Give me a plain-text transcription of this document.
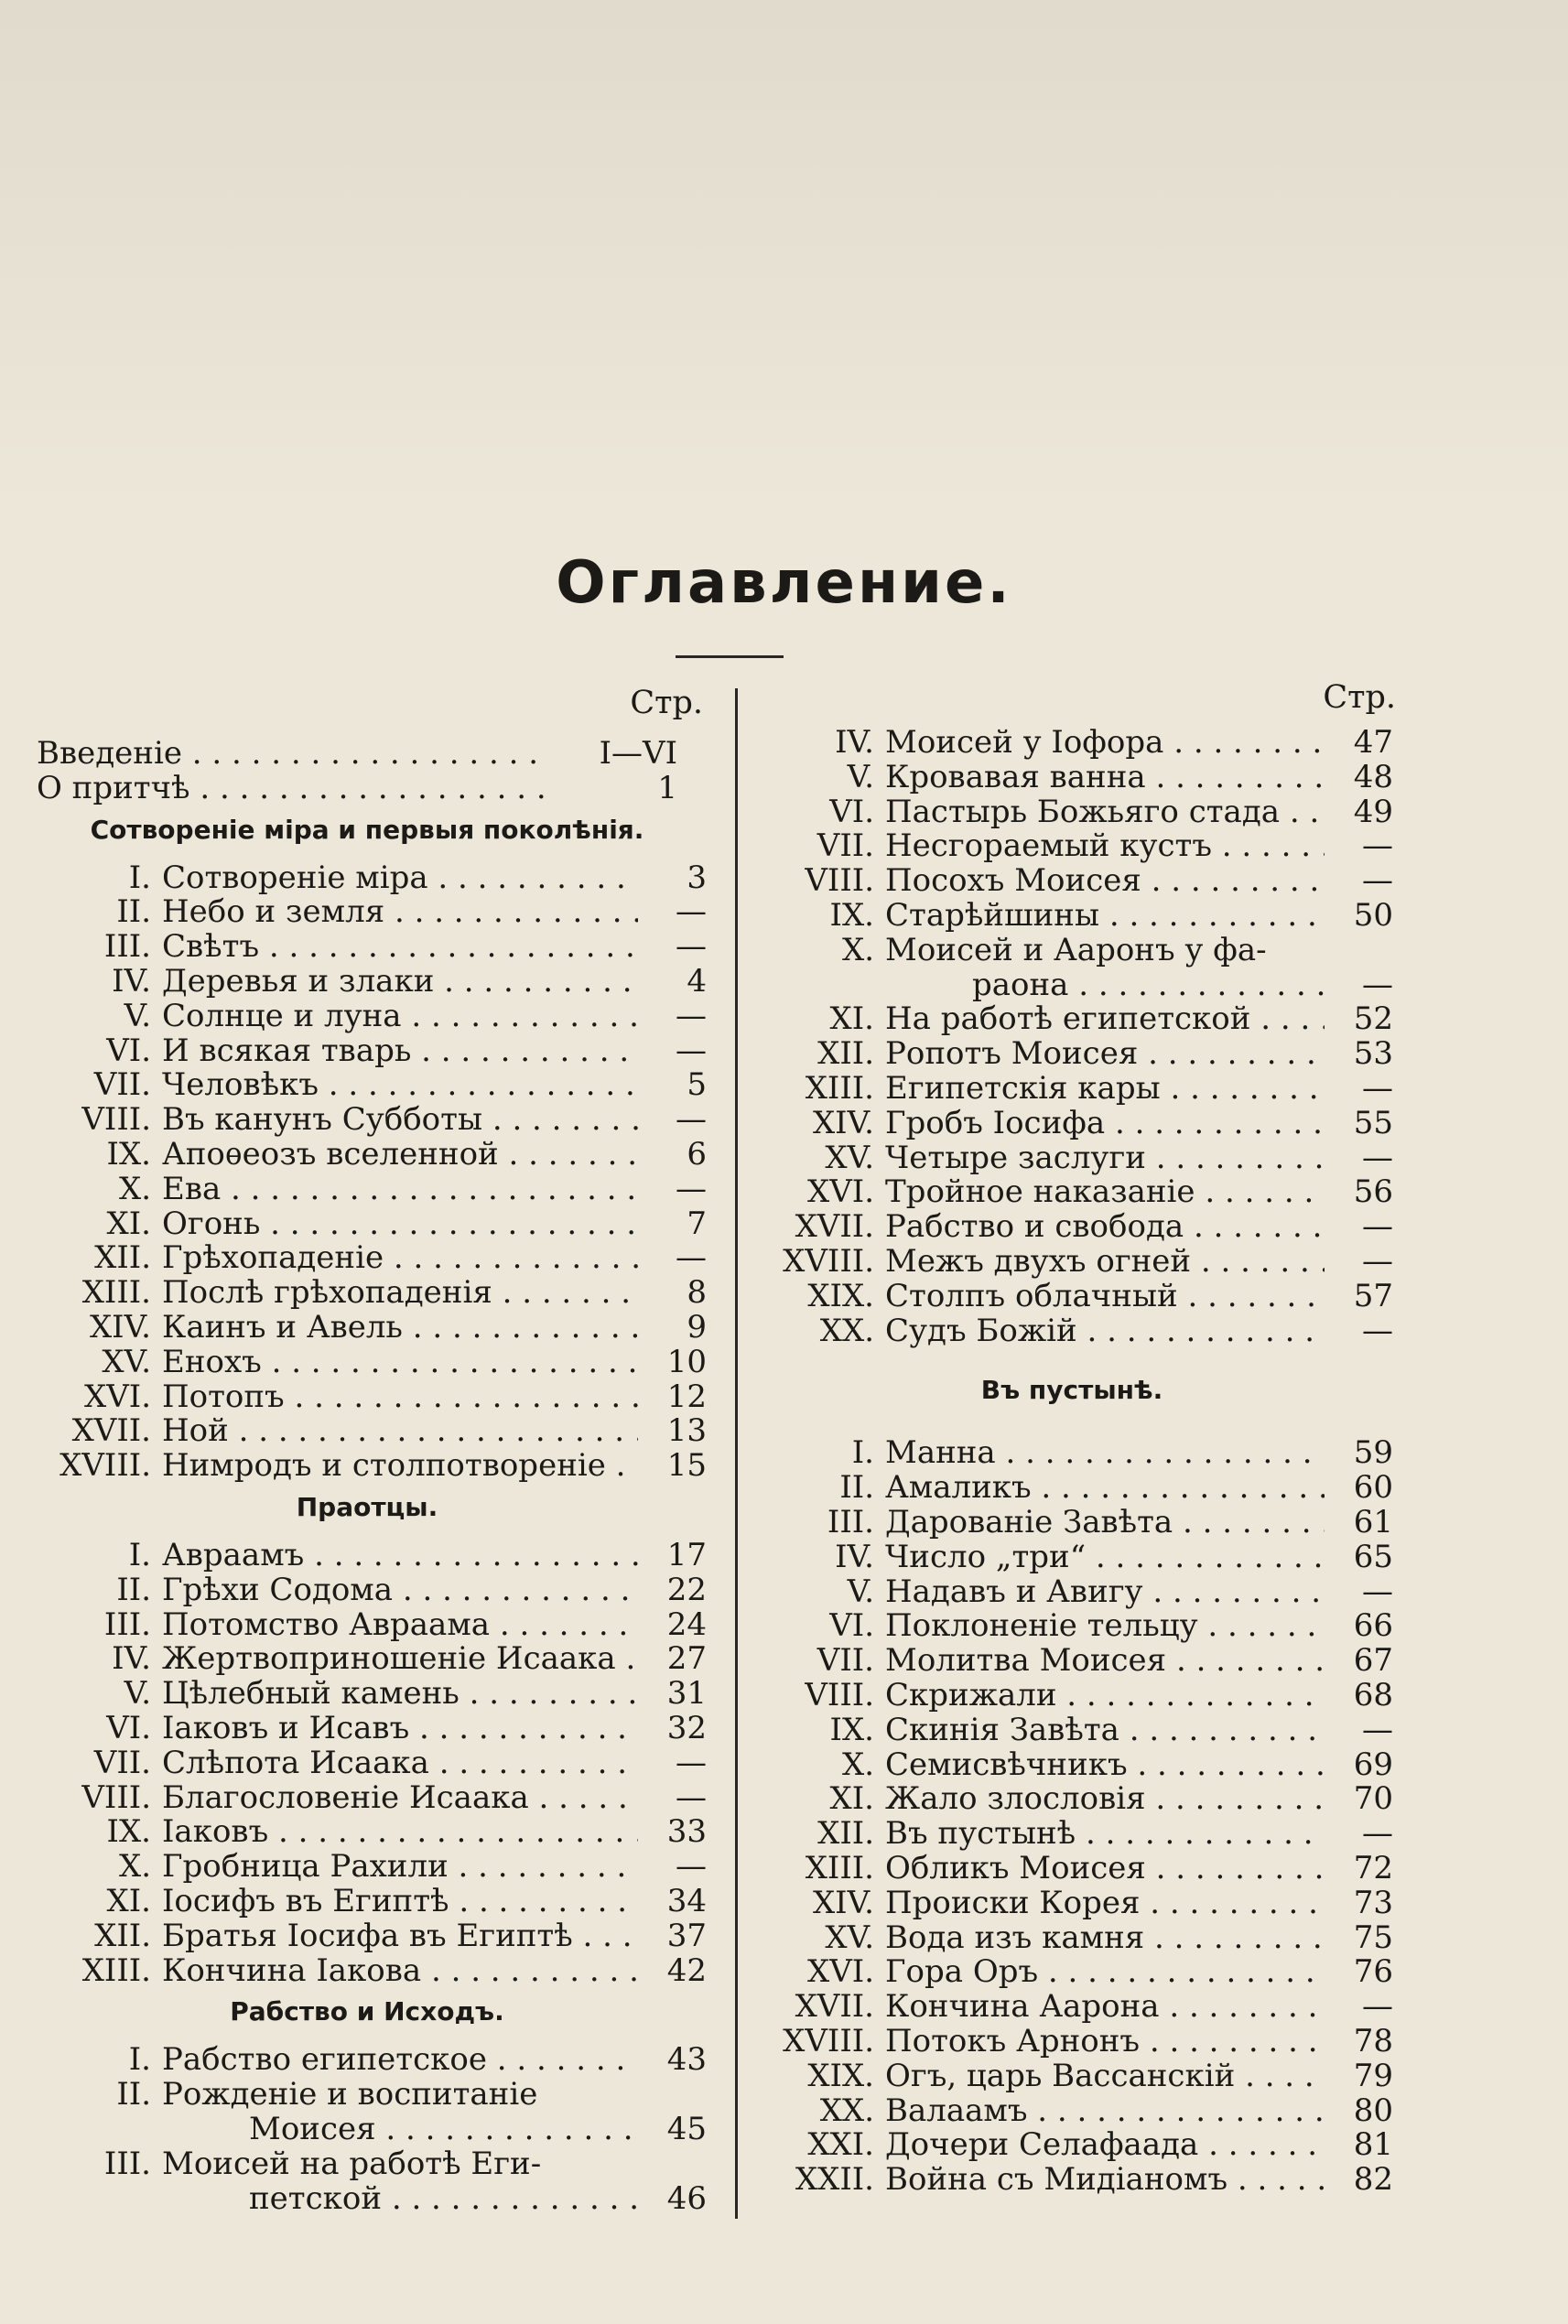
Оглавлениe.
Стр.	Стр.
Введеніе . . .	I—VI
О притчѣ . . .	1
Сотвореніе міра и первыя поколѣнія.
I. Сотвореніе міра . . .	3
II. Небо и земля . . .	—
III. Свѣтъ . . .	—
IV. Деревья и злаки . . .	4
V. Солнце и луна . . .	—
VI. И всякая тварь . . .	—
VII. Человѣкъ . . .	5
VIII. Въ канунъ Субботы . . .	—
IX. Апоѳеозъ вселенной . . .	6
X. Ева . . .	—
XI. Огонь . . .	7
XII. Грѣхопаденіе . . .	—
XIII. Послѣ грѣхопаденія . . .	8
XIV. Каинъ и Авель . . .	9
XV. Енохъ . . .	10
XVI. Потопъ . . .	12
XVII. Ной . . .	13
XVIII. Нимродъ и столпотвореніе . . .	15
Праотцы.
I. Авраамъ . . .	17
II. Грѣхи Содома . . .	22
III. Потомство Авраама . . .	24
IV. Жертвоприношеніе Исаака . . .	27
V. Цѣлебный камень . . .	31
VI. Іаковъ и Исавъ . . .	32
VII. Слѣпота Исаака . . .	—
VIII. Благословеніе Исаака . . .	—
IX. Іаковъ . . .	33
X. Гробница Рахили . . .	—
XI. Іосифъ въ Египтѣ . . .	34
XII. Братья Іосифа въ Египтѣ . . .	37
XIII. Кончина Іакова . . .	42
Рабство и Исходъ.
I. Рабство египетское . . .	43
II. Рожденіе и воспитаніе
Моисея . . .	45
III. Моисей на работѣ Еги-
петской . . .	46
IV. Моисей у Іофора . . .	47
V. Кровавая ванна . . .	48
VI. Пастырь Божьяго стада . . .	49
VII. Несгораемый кустъ . . .	—
VIII. Посохъ Моисея . . .	—
IX. Старѣйшины . . .	50
X. Моисей и Ааронъ у фа-
раона . . .	—
XI. На работѣ египетской . . .	52
XII. Ропотъ Моисея . . .	53
XIII. Египетскія кары . . .	—
XIV. Гробъ Іосифа . . .	55
XV. Четыре заслуги . . .	—
XVI. Тройное наказаніе . . .	56
XVII. Рабство и свобода . . .	—
XVIII. Межъ двухъ огней . . .	—
XIX. Столпъ облачный . . .	57
XX. Судъ Божій . . .	—
Въ пустынѣ.
I. Манна . . .	59
II. Амаликъ . . .	60
III. Дарованіе Завѣта . . .	61
IV. Число „три“ . . .	65
V. Надавъ и Авигу . . .	—
VI. Поклоненіе тельцу . . .	66
VII. Молитва Моисея . . .	67
VIII. Скрижали . . .	68
IX. Скинія Завѣта . . .	—
X. Семисвѣчникъ . . .	69
XI. Жало злословія . . .	70
XII. Въ пустынѣ . . .	—
XIII. Обликъ Моисея . . .	72
XIV. Происки Корея . . .	73
XV. Вода изъ камня . . .	75
XVI. Гора Оръ . . .	76
XVII. Кончина Аарона . . .	—
XVIII. Потокъ Арнонъ . . .	78
XIX. Огъ, царь Вассанскій . . .	79
XX. Валаамъ . . .	80
XXI. Дочери Селафаада . . .	81
XXII. Война съ Мидіаномъ . . .	82
